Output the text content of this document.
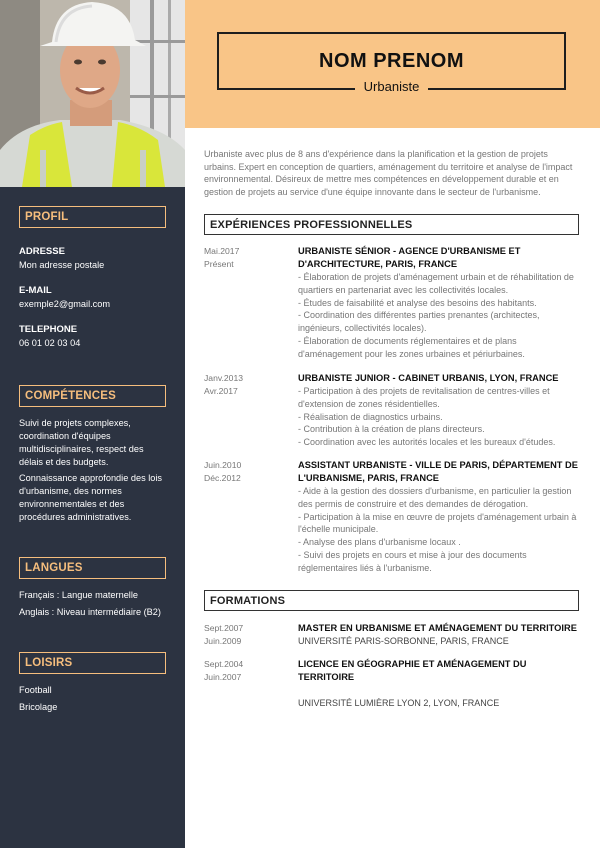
PROFIL
ADRESSE
Mon adresse postale
E-MAIL
exemple2@gmail.com
TELEPHONE
06 01 02 03 04
COMPÉTENCES
Suivi de projets complexes, coordination d'équipes multidisciplinaires, respect des délais et des budgets.
Connaissance approfondie des lois d'urbanisme, des normes environnementales et des procédures administratives.
LANGUES
Français : Langue maternelle
Anglais : Niveau intermédiaire (B2)
LOISIRS
Football
Bricolage
NOM PRENOM
Urbaniste
Urbaniste avec plus de 8 ans d'expérience dans la planification et la gestion de projets urbains. Expert en conception de quartiers, aménagement du territoire et analyse de l'impact environnemental. Désireux de mettre mes compétences en développement durable et en gestion de projets au service d'une équipe innovante dans le secteur de l'urbanisme.
EXPÉRIENCES PROFESSIONNELLES
Mai.2017
Présent
URBANISTE SÉNIOR - AGENCE D'URBANISME ET D'ARCHITECTURE, PARIS, FRANCE
- Élaboration de projets d'aménagement urbain et de réhabilitation de quartiers en partenariat avec les collectivités locales.
- Études de faisabilité et analyse des besoins des habitants.
- Coordination des différentes parties prenantes (architectes, ingénieurs, collectivités locales).
- Élaboration de documents réglementaires et de plans d'aménagement pour les zones urbaines et périurbaines.
Janv.2013
Avr.2017
URBANISTE JUNIOR - CABINET URBANIS, LYON, FRANCE
- Participation à des projets de revitalisation de centres-villes et d'extension de zones résidentielles.
- Réalisation de diagnostics urbains.
- Contribution à la création de plans directeurs.
- Coordination avec les autorités locales et les bureaux d'études.
Juin.2010
Déc.2012
ASSISTANT URBANISTE - VILLE DE PARIS, DÉPARTEMENT DE L'URBANISME, PARIS, FRANCE
- Aide à la gestion des dossiers d'urbanisme, en particulier la gestion des permis de construire et des demandes de dérogation.
- Participation à la mise en œuvre de projets d'aménagement urbain à l'échelle municipale.
- Analyse des plans d'urbanisme locaux .
- Suivi des projets en cours et mise à jour des documents réglementaires liés à l'urbanisme.
FORMATIONS
Sept.2007
Juin.2009
MASTER EN URBANISME ET AMÉNAGEMENT DU TERRITOIRE
UNIVERSITÉ PARIS-SORBONNE, PARIS, FRANCE
Sept.2004
Juin.2007
LICENCE EN GÉOGRAPHIE ET AMÉNAGEMENT DU TERRITOIRE
UNIVERSITÉ LUMIÈRE LYON 2, LYON, FRANCE
